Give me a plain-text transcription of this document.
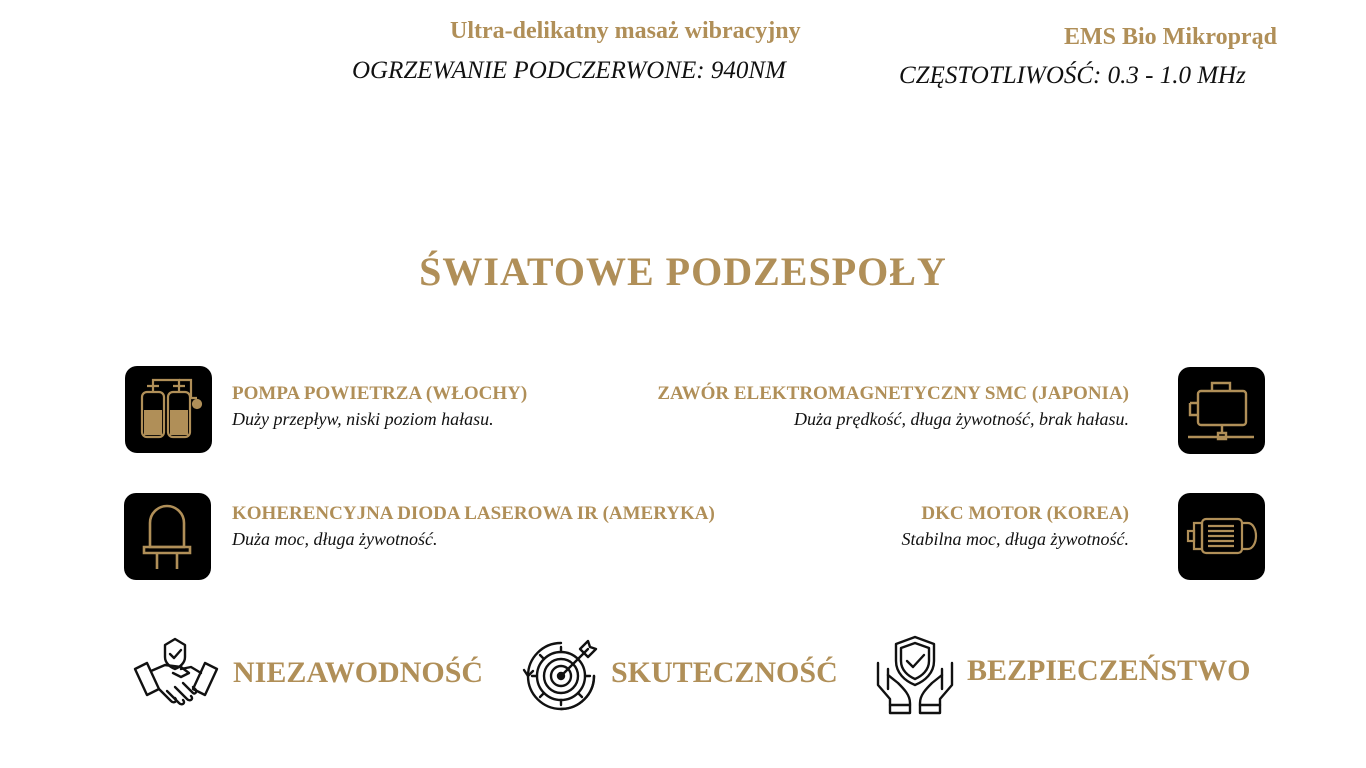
Ultra-delikatny masaż wibracyjny
OGRZEWANIE PODCZERWONE: 940NM
EMS Bio Mikroprąd
CZĘSTOTLIWOŚĆ: 0.3 - 1.0 MHz
ŚWIATOWE PODZESPOŁY
POMPA POWIETRZA (WŁOCHY)
Duży przepływ, niski poziom hałasu.
ZAWÓR ELEKTROMAGNETYCZNY SMC (JAPONIA)
Duża prędkość, długa żywotność, brak hałasu.
KOHERENCYJNA DIODA LASEROWA IR (AMERYKA)
Duża moc, długa żywotność.
DKC MOTOR (KOREA)
Stabilna moc, długa żywotność.
NIEZAWODNOŚĆ	SKUTECZNOŚĆ	BEZPIECZEŃSTWO
